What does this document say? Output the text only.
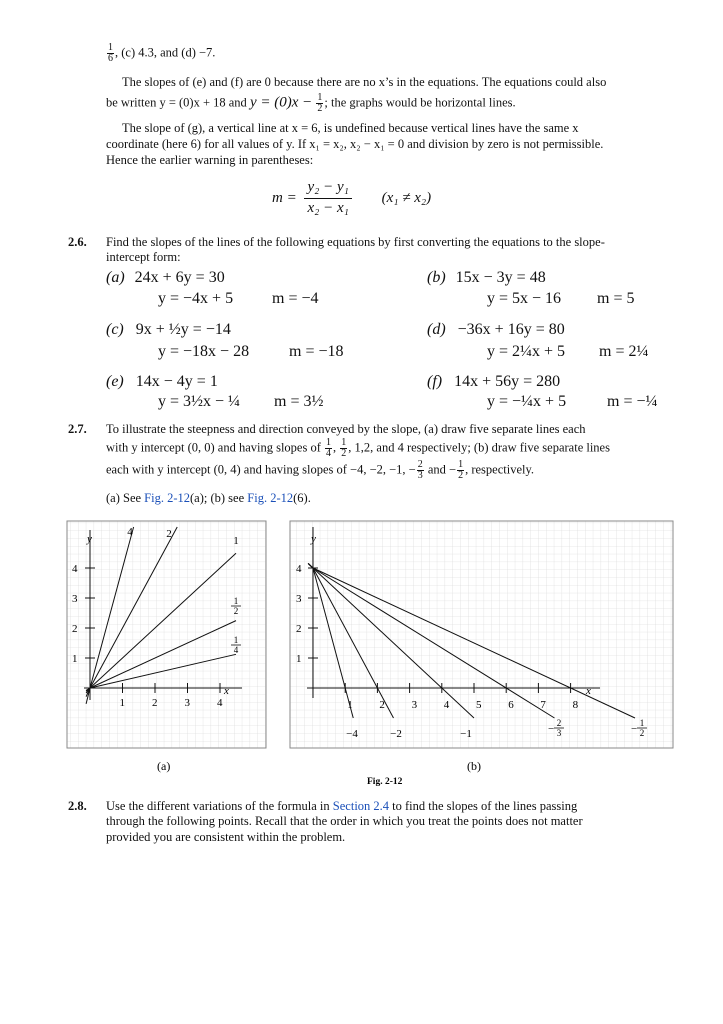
$\frac{1}{6}$ , (c) 4.3, and (d) −7.
The slopes of (e) and (f) are 0 because there are no x’s in the equations. The equations could also
be written y = (0)x + 18 and $y = (0)x - \frac{1}{2}$ ; the graphs would be horizontal lines.
The slope of (g), a vertical line at x = 6, is undefined because vertical lines have the same x
coordinate (here 6) for all values of y. If x₁ = x₂, x₂ − x₁ = 0 and division by zero is not permissible.
Hence the earlier warning in parentheses:
$m = \frac{\text{y₂ − y₁}}{\text{x₂ − x₁}} (x_1 \ne x_2)$
2.6. Find the slopes of the lines of the following equations by first converting the equations to the slope-
intercept form:
(a) 24x + 6y = 30
y = −4x + 5 m = −4
(b) 15x − 3y = 48
y = 5x − 16 m = 5
(c) 9x + ½y = −14
y = −18x − 28 m = −18
(d) −36x + 16y = 80
y = 2¼x + 5 m = 2¼
(e) 14x − 4y = 1
y = 3½x − ¼ m = 3½
(f) 14x + 56y = 280
y = −¼x + 5	m = −¼
2.7. To illustrate the steepness and direction conveyed by the slope, (a) draw five separate lines each
with y intercept (0, 0) and having slopes of $\frac{1}{4}$ , $\frac{1}{2}$ , 1,2, and 4 respectively; (b) draw five separate lines
each with y intercept (0, 4) and having slopes of −4, −2, −1, − $\frac{2}{3}$ and − $\frac{1}{2}$ , respectively.
(a) See Fig. 2-12(a); (b) see Fig. 2-12(6).
y
x
1
2
3
4
1 2 3 4
4	2
1
1
2
1
4
y
x
1
2
3
4
1 2 3 4 5 6 7 8
−4	−2	−1	− 2
3	− 1
2
(a)	(b)
Fig. 2-12
2.8. Use the different variations of the formula in Section 2.4 to find the slopes of the lines passing
through the following points. Recall that the order in which you treat the points does not matter
provided you are consistent within the problem.
